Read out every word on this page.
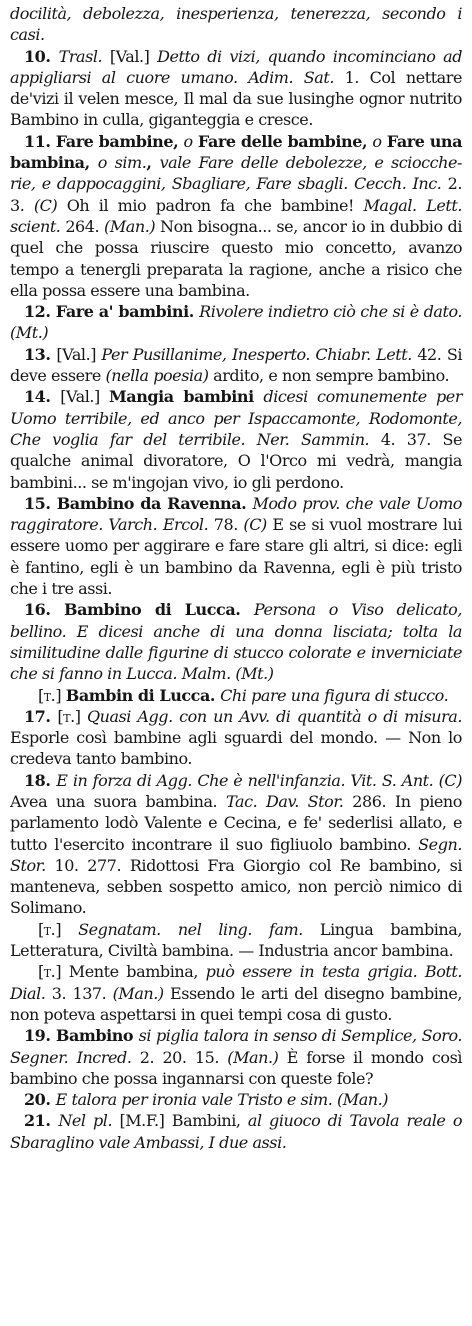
docilità, debolezza, inesperienza, tenerezza, secondo i casi.

10. Trasl. [Val.] Detto di vizi, quando incominciano ad appigliarsi al cuore umano. Adim. Sat. 1. Col nettare de'vizi il velen mesce, Il mal da sue lusinghe ognor nutrito Bambino in culla, giganteggia e cresce.

11. Fare bambine, o Fare delle bambine, o Fare una bambina, o sim., vale Fare delle debolezze, e sciocche-rie, e dappocaggini, Sbagliare, Fare sbagli. Cecch. Inc. 2. 3. (C) Oh il mio padron fa che bambine! Magal. Lett. scient. 264. (Man.) Non bisogna... se, ancor io in dubbio di quel che possa riuscire questo mio concetto, avanzo tempo a tenergli preparata la ragione, anche a risico che ella possa essere una bambina.

12. Fare a' bambini. Rivolere indietro ciò che si è dato. (Mt.)

13. [Val.] Per Pusillanime, Inesperto. Chiabr. Lett. 42. Si deve essere (nella poesia) ardito, e non sempre bambino.

14. [Val.] Mangia bambini dicesi comunemente per Uomo terribile, ed anco per Ispaccamonte, Rodomonte, Che voglia far del terribile. Ner. Sammin. 4. 37. Se qualche animal divoratore, O l'Orco mi vedrà, mangia bambini... se m'ingojan vivo, io gli perdono.

15. Bambino da Ravenna. Modo prov. che vale Uomo raggiratore. Varch. Ercol. 78. (C) E se si vuol mostrare lui essere uomo per aggirare e fare stare gli altri, si dice: egli è fantino, egli è un bambino da Ravenna, egli è più tristo che i tre assi.

16. Bambino di Lucca. Persona o Viso delicato, bellino. E dicesi anche di una donna lisciata; tolta la similitudine dalle figurine di stucco colorate e inverniciate che si fanno in Lucca. Malm. (Mt.)

[t.] Bambin di Lucca. Chi pare una figura di stucco.

17. [t.] Quasi Agg. con un Avv. di quantità o di misura. Esporle così bambine agli sguardi del mondo. — Non lo credeva tanto bambino.

18. E in forza di Agg. Che è nell'infanzia. Vit. S. Ant. (C) Avea una suora bambina. Tac. Dav. Stor. 286. In pieno parlamento lodò Valente e Cecina, e fe' sederlisi allato, e tutto l'esercito incontrare il suo figliuolo bambino. Segn. Stor. 10. 277. Ridottosi Fra Giorgio col Re bambino, si manteneva, sebben sospetto amico, non perciò nimico di Solimano.

[t.] Segnatam. nel ling. fam. Lingua bambina, Letteratura, Civiltà bambina. — Industria ancor bambina.

[t.] Mente bambina, può essere in testa grigia. Bott. Dial. 3. 137. (Man.) Essendo le arti del disegno bambine, non poteva aspettarsi in quei tempi cosa di gusto.

19. Bambino si piglia talora in senso di Semplice, Soro. Segner. Incred. 2. 20. 15. (Man.) È forse il mondo così bambino che possa ingannarsi con queste fole?

20. E talora per ironia vale Tristo e sim. (Man.)

21. Nel pl. [M.F.] Bambini, al giuoco di Tavola reale o Sbaraglino vale Ambassi, I due assi.
